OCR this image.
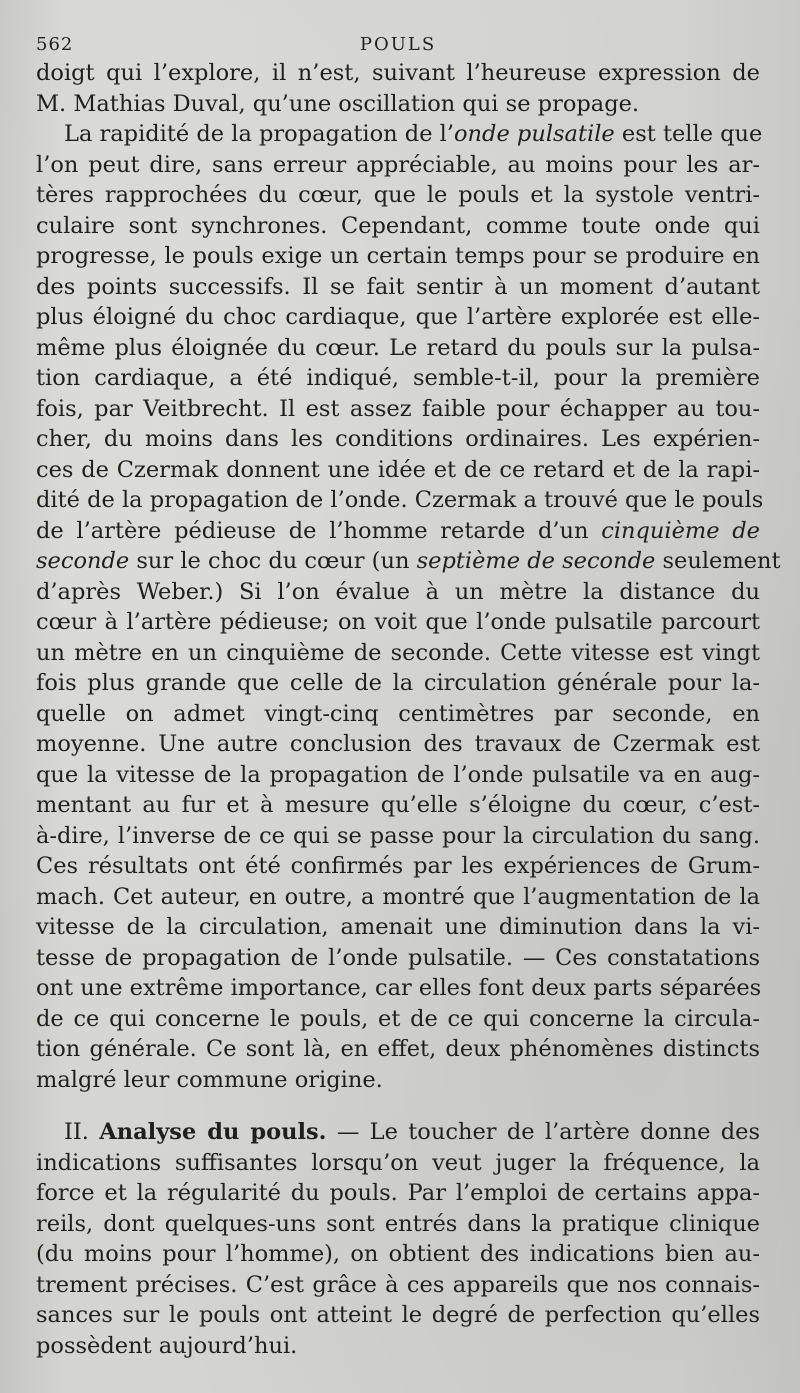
562	POULS
doigt qui l’explore, il n’est, suivant l’heureuse expression de
M. Mathias Duval, qu’une oscillation qui se propage.
La rapidité de la propagation de l’onde pulsatile est telle que
l’on peut dire, sans erreur appréciable, au moins pour les ar-
tères rapprochées du cœur, que le pouls et la systole ventri-
culaire sont synchrones. Cependant, comme toute onde qui
progresse, le pouls exige un certain temps pour se produire en
des points successifs. Il se fait sentir à un moment d’autant
plus éloigné du choc cardiaque, que l’artère explorée est elle-
même plus éloignée du cœur. Le retard du pouls sur la pulsa-
tion cardiaque, a été indiqué, semble-t-il, pour la première
fois, par Veitbrecht. Il est assez faible pour échapper au tou-
cher, du moins dans les conditions ordinaires. Les expérien-
ces de Czermak donnent une idée et de ce retard et de la rapi-
dité de la propagation de l’onde. Czermak a trouvé que le pouls
de l’artère pédieuse de l’homme retarde d’un cinquième de
seconde sur le choc du cœur (un septième de seconde seulement
d’après Weber.) Si l’on évalue à un mètre la distance du
cœur à l’artère pédieuse; on voit que l’onde pulsatile parcourt
un mètre en un cinquième de seconde. Cette vitesse est vingt
fois plus grande que celle de la circulation générale pour la-
quelle on admet vingt-cinq centimètres par seconde, en
moyenne. Une autre conclusion des travaux de Czermak est
que la vitesse de la propagation de l’onde pulsatile va en aug-
mentant au fur et à mesure qu’elle s’éloigne du cœur, c’est-
à-dire, l’inverse de ce qui se passe pour la circulation du sang.
Ces résultats ont été confirmés par les expériences de Grum-
mach. Cet auteur, en outre, a montré que l’augmentation de la
vitesse de la circulation, amenait une diminution dans la vi-
tesse de propagation de l’onde pulsatile. — Ces constatations
ont une extrême importance, car elles font deux parts séparées
de ce qui concerne le pouls, et de ce qui concerne la circula-
tion générale. Ce sont là, en effet, deux phénomènes distincts
malgré leur commune origine.
II. Analyse du pouls. — Le toucher de l’artère donne des
indications suffisantes lorsqu’on veut juger la fréquence, la
force et la régularité du pouls. Par l’emploi de certains appa-
reils, dont quelques-uns sont entrés dans la pratique clinique
(du moins pour l’homme), on obtient des indications bien au-
trement précises. C’est grâce à ces appareils que nos connais-
sances sur le pouls ont atteint le degré de perfection qu’elles
possèdent aujourd’hui.
